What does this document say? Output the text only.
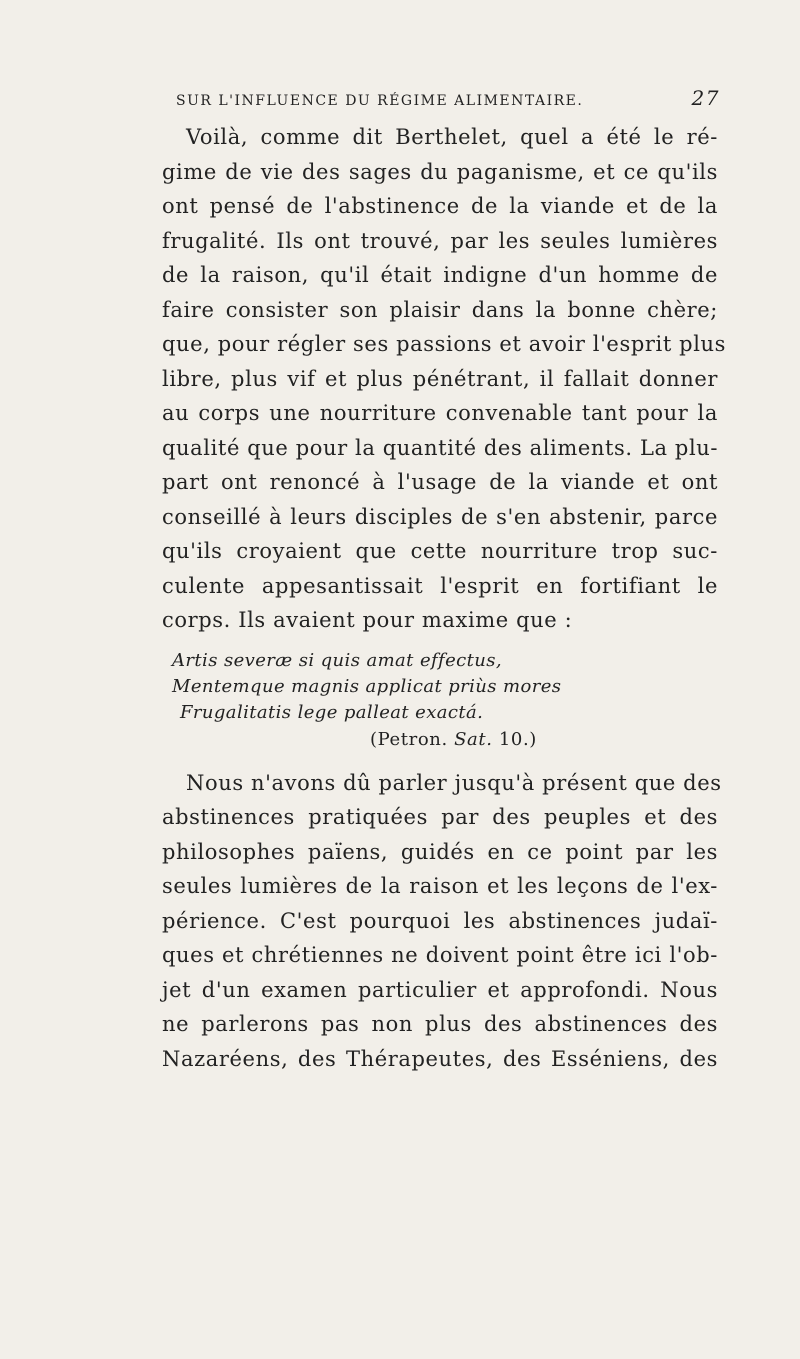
SUR L'INFLUENCE DU RÉGIME ALIMENTAIRE.	27
Voilà, comme dit Berthelet, quel a été le ré-
gime de vie des sages du paganisme, et ce qu'ils
ont pensé de l'abstinence de la viande et de la
frugalité. Ils ont trouvé, par les seules lumières
de la raison, qu'il était indigne d'un homme de
faire consister son plaisir dans la bonne chère;
que, pour régler ses passions et avoir l'esprit plus
libre, plus vif et plus pénétrant, il fallait donner
au corps une nourriture convenable tant pour la
qualité que pour la quantité des aliments. La plu-
part ont renoncé à l'usage de la viande et ont
conseillé à leurs disciples de s'en abstenir, parce
qu'ils croyaient que cette nourriture trop suc-
culente appesantissait l'esprit en fortifiant le
corps. Ils avaient pour maxime que :
Artis severæ si quis amat effectus,
Mentemque magnis applicat priùs mores
Frugalitatis lege palleat exactá.
(Petron. Sat. 10.)
Nous n'avons dû parler jusqu'à présent que des
abstinences pratiquées par des peuples et des
philosophes païens, guidés en ce point par les
seules lumières de la raison et les leçons de l'ex-
périence. C'est pourquoi les abstinences judaï-
ques et chrétiennes ne doivent point être ici l'ob-
jet d'un examen particulier et approfondi. Nous
ne parlerons pas non plus des abstinences des
Nazaréens, des Thérapeutes, des Esséniens, des
